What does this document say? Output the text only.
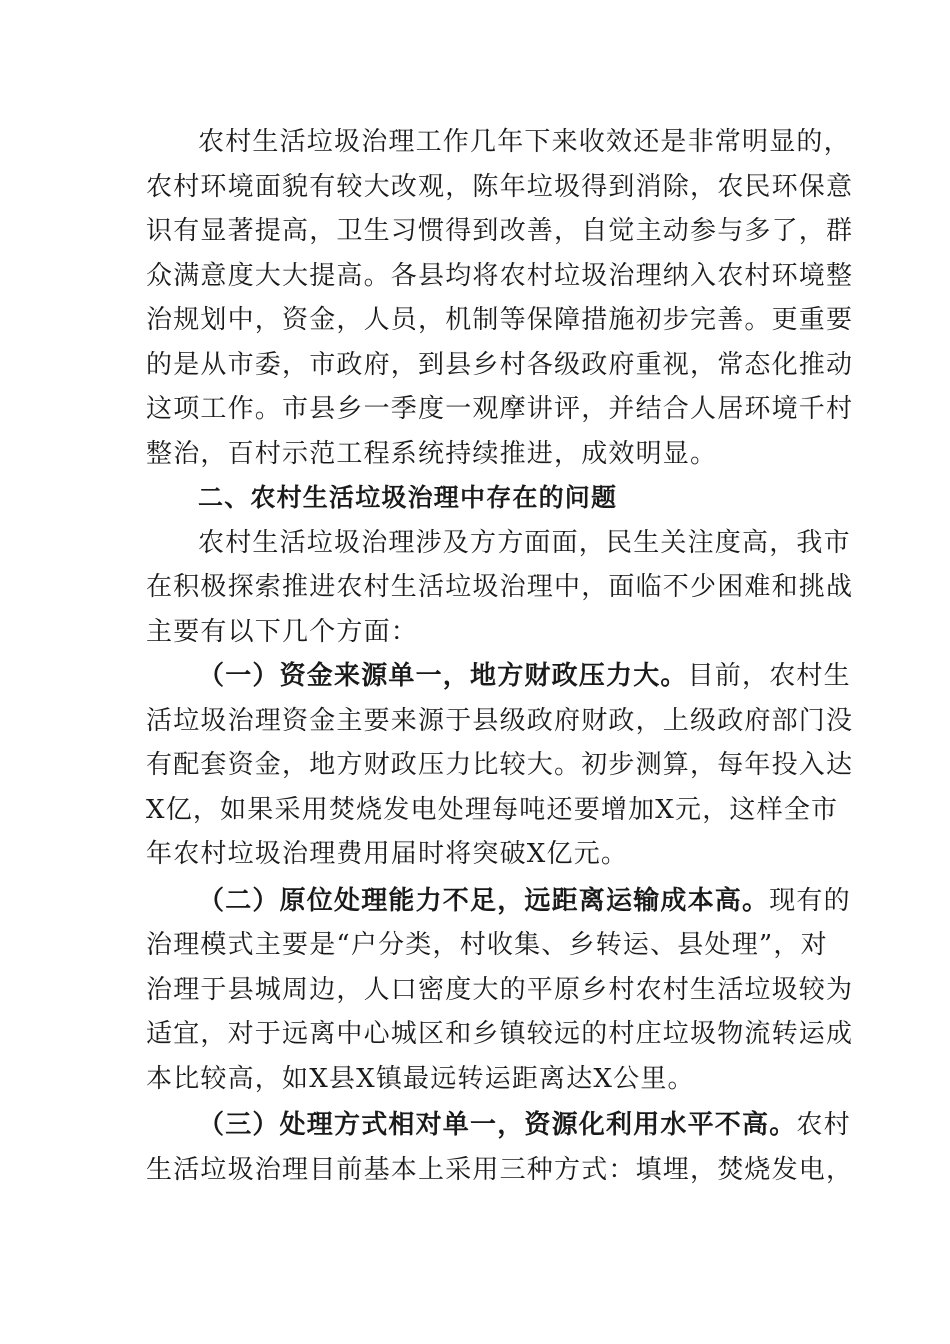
农村生活垃圾治理工作几年下来收效还是非常明显的，
农村环境面貌有较大改观，陈年垃圾得到消除，农民环保意
识有显著提高，卫生习惯得到改善，自觉主动参与多了，群
众满意度大大提高。各县均将农村垃圾治理纳入农村环境整
治规划中，资金，人员，机制等保障措施初步完善。更重要
的是从市委，市政府，到县乡村各级政府重视，常态化推动
这项工作。市县乡一季度一观摩讲评，并结合人居环境千村
整治，百村示范工程系统持续推进，成效明显。
二、农村生活垃圾治理中存在的问题
农村生活垃圾治理涉及方方面面，民生关注度高，我市
在积极探索推进农村生活垃圾治理中，面临不少困难和挑战
主要有以下几个方面：
（一）资金来源单一，地方财政压力大。目前，农村生
活垃圾治理资金主要来源于县级政府财政，上级政府部门没
有配套资金，地方财政压力比较大。初步测算，每年投入达
X亿，如果采用焚烧发电处理每吨还要增加X元，这样全市
年农村垃圾治理费用届时将突破X亿元。
（二）原位处理能力不足，远距离运输成本高。现有的
治理模式主要是“户分类，村收集、乡转运、县处理”，对
治理于县城周边，人口密度大的平原乡村农村生活垃圾较为
适宜，对于远离中心城区和乡镇较远的村庄垃圾物流转运成
本比较高，如X县X镇最远转运距离达X公里。
（三）处理方式相对单一，资源化利用水平不高。农村
生活垃圾治理目前基本上采用三种方式：填埋，焚烧发电，
